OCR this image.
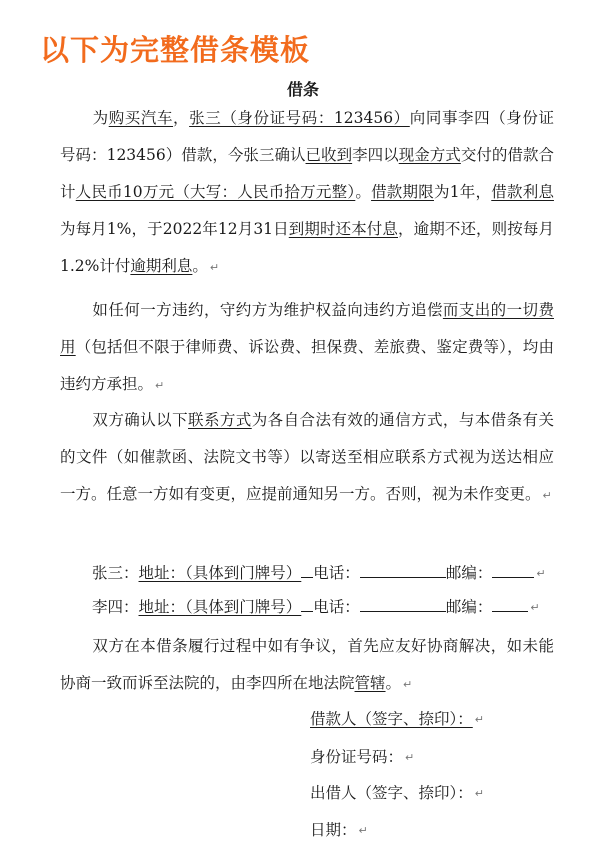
以下为完整借条模板
借条
为购买汽车，张三（身份证号码：123456）向同事李四（身份证号码：123456）借款，今张三确认已收到李四以现金方式交付的借款合计人民币10万元（大写：人民币拾万元整）。借款期限为1年，借款利息为每月1%，于2022年12月31日到期时还本付息，逾期不还，则按每月1.2%计付逾期利息。 ↵
如任何一方违约，守约方为维护权益向违约方追偿而支出的一切费用（包括但不限于律师费、诉讼费、担保费、差旅费、鉴定费等），均由违约方承担。 ↵
双方确认以下联系方式为各自合法有效的通信方式，与本借条有关的文件（如催款函、法院文书等）以寄送至相应联系方式视为送达相应一方。任意一方如有变更，应提前通知另一方。否则，视为未作变更。 ↵
张三：地址：（具体到门牌号） 电话：	邮编：	↵
李四：地址：（具体到门牌号） 电话：	邮编：	↵
双方在本借条履行过程中如有争议，首先应友好协商解决，如未能协商一致而诉至法院的，由李四所在地法院管辖。 ↵
借款人（签字、捺印）： ↵
身份证号码： ↵
出借人（签字、捺印）： ↵
日期： ↵
